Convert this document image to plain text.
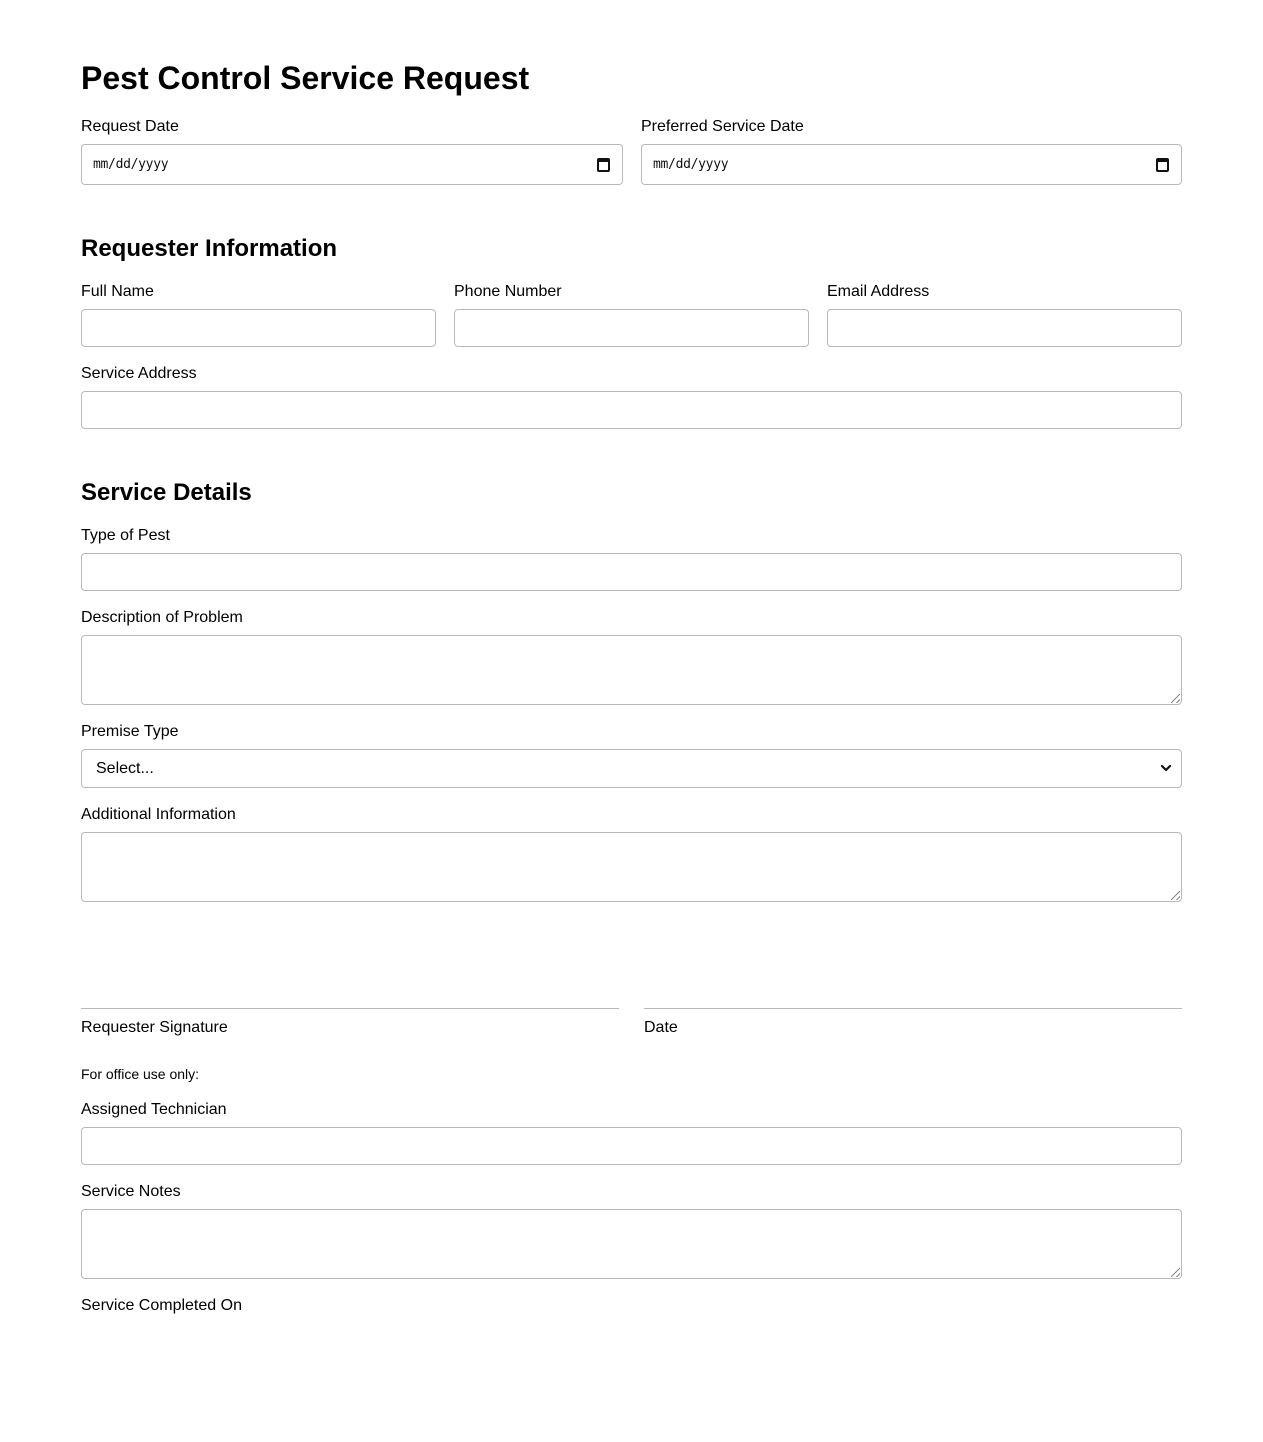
Pest Control Service Request
Request Date
mm/dd/yyyy
Preferred Service Date
mm/dd/yyyy
Requester Information
Full Name	Phone Number	Email Address
Service Address
Service Details
Type of Pest
Description of Problem
Premise Type
Select...
Additional Information
Requester Signature	Date
For office use only:
Assigned Technician
Service Notes
Service Completed On
